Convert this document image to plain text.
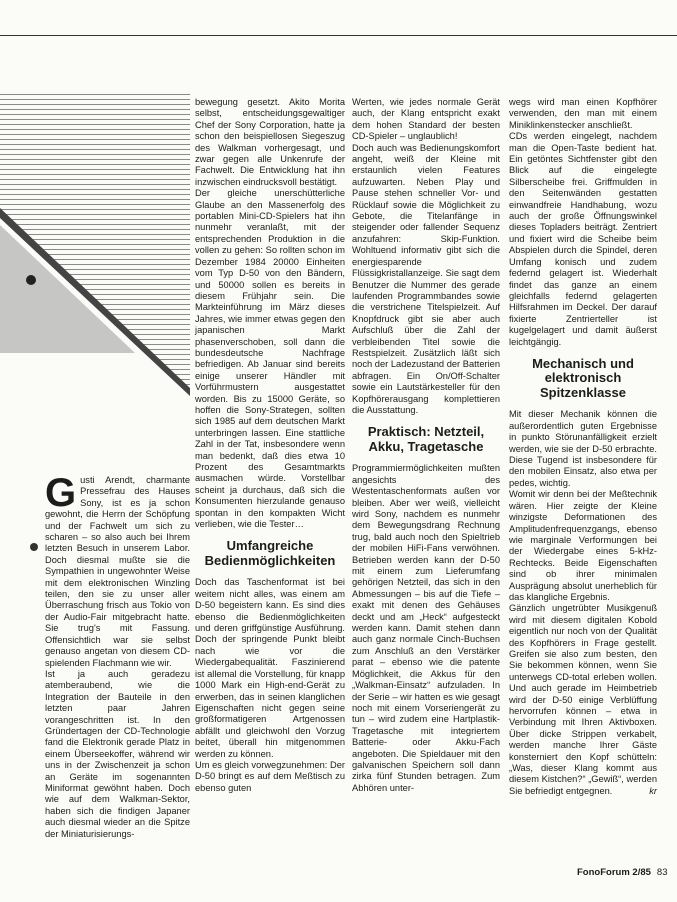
Gusti Arendt, charmante Pressefrau des Hauses Sony, ist es ja schon gewohnt, die Herrn der Schöpfung und der Fachwelt um sich zu scharen – so also auch bei Ihrem letzten Besuch in unserem Labor. Doch diesmal mußte sie die Sympathien in ungewohnter Weise mit dem elektronischen Winzling teilen, den sie zu unser aller Überraschung frisch aus Tokio von der Audio-Fair mitgebracht hatte. Sie trug's mit Fassung. Offensichtlich war sie selbst genauso angetan von diesem CD-spielenden Flachmann wie wir.

Ist ja auch geradezu atemberaubend, wie die Integration der Bauteile in den letzten paar Jahren vorangeschritten ist. In den Gründertagen der CD-Technologie fand die Elektronik gerade Platz in einem Überseekoffer, während wir uns in der Zwischenzeit ja schon an Geräte im sogenannten Miniformat gewöhnt haben. Doch wie auf dem Walkman-Sektor, haben sich die findigen Japaner auch diesmal wieder an die Spitze der Miniaturisierungs-

bewegung gesetzt. Akito Morita selbst, entscheidungsgewaltiger Chef der Sony Corporation, hatte ja schon den beispiellosen Siegeszug des Walkman vorhergesagt, und zwar gegen alle Unkenrufe der Fachwelt. Die Entwicklung hat ihn inzwischen eindrucksvoll bestätigt.

Der gleiche unerschütterliche Glaube an den Massenerfolg des portablen Mini-CD-Spielers hat ihn nunmehr veranlaßt, mit der entsprechenden Produktion in die vollen zu gehen: So rollten schon im Dezember 1984 20000 Einheiten vom Typ D-50 von den Bändern, und 50000 sollen es bereits in diesem Frühjahr sein. Die Markteinführung im März dieses Jahres, wie immer etwas gegen den japanischen Markt phasenverschoben, soll dann die bundesdeutsche Nachfrage befriedigen. Ab Januar sind bereits einige unserer Händler mit Vorführmustern ausgestattet worden. Bis zu 15000 Geräte, so hoffen die Sony-Strategen, sollten sich 1985 auf dem deutschen Markt unterbringen lassen. Eine stattliche Zahl in der Tat, insbesondere wenn man bedenkt, daß dies etwa 10 Prozent des Gesamtmarkts ausmachen würde. Vorstellbar scheint ja durchaus, daß sich die Konsumenten hierzulande genauso spontan in den kompakten Wicht verlieben, wie die Tester…

Umfangreiche Bedienmöglichkeiten

Doch das Taschenformat ist bei weitem nicht alles, was einem am D-50 begeistern kann. Es sind dies ebenso die Bedienmöglichkeiten und deren griffgünstige Ausführung. Doch der springende Punkt bleibt nach wie vor die Wiedergabequalität. Faszinierend ist allemal die Vorstellung, für knapp 1000 Mark ein High-end-Gerät zu erwerben, das in seinen klanglichen Eigenschaften nicht gegen seine großformatigeren Artgenossen abfällt und gleichwohl den Vorzug beitet, überall hin mitgenommen werden zu können.

Um es gleich vorwegzunehmen: Der D-50 bringt es auf dem Meßtisch zu ebenso guten

Werten, wie jedes normale Gerät auch, der Klang entspricht exakt dem hohen Standard der besten CD-Spieler – unglaublich!

Doch auch was Bedienungskomfort angeht, weiß der Kleine mit erstaunlich vielen Features aufzuwarten. Neben Play und Pause stehen schneller Vor- und Rücklauf sowie die Möglichkeit zu Gebote, die Titelanfänge in steigender oder fallender Sequenz anzufahren: Skip-Funktion. Wohltuend informativ gibt sich die energiesparende Flüssigkristallanzeige. Sie sagt dem Benutzer die Nummer des gerade laufenden Programmbandes sowie die verstrichene Titelspielzeit. Auf Knopfdruck gibt sie aber auch Aufschluß über die Zahl der verbleibenden Titel sowie die Restspielzeit. Zusätzlich läßt sich noch der Ladezustand der Batterien abfragen. Ein On/Off-Schalter sowie ein Lautstärkesteller für den Kopfhörerausgang komplettieren die Ausstattung.

Praktisch: Netzteil, Akku, Tragetasche

Programmiermöglichkeiten mußten angesichts des Westentaschenformats außen vor bleiben. Aber wer weiß, vielleicht wird Sony, nachdem es nunmehr dem Bewegungsdrang Rechnung trug, bald auch noch den Spieltrieb der mobilen HiFi-Fans verwöhnen. Betrieben werden kann der D-50 mit einem zum Lieferumfang gehörigen Netzteil, das sich in den Abmessungen – bis auf die Tiefe – exakt mit denen des Gehäuses deckt und am „Heck“ aufgesteckt werden kann. Damit stehen dann auch ganz normale Cinch-Buchsen zum Anschluß an den Verstärker parat – ebenso wie die patente Möglichkeit, die Akkus für den „Walkman-Einsatz“ aufzuladen. In der Serie – wir hatten es wie gesagt noch mit einem Vorseriengerät zu tun – wird zudem eine Hartplastik-Tragetasche mit integriertem Batterie- oder Akku-Fach angeboten. Die Spieldauer mit den galvanischen Speichern soll dann zirka fünf Stunden betragen. Zum Abhören unter-

wegs wird man einen Kopfhörer verwenden, den man mit einem Miniklinkenstecker anschließt.

CDs werden eingelegt, nachdem man die Open-Taste bedient hat. Ein getöntes Sichtfenster gibt den Blick auf die eingelegte Silberscheibe frei. Griffmulden in den Seitenwänden gestatten einwandfreie Handhabung, wozu auch der große Öffnungswinkel dieses Topladers beiträgt. Zentriert und fixiert wird die Scheibe beim Abspielen durch die Spindel, deren Umfang konisch und zudem federnd gelagert ist. Wiederhalt findet das ganze an einem gleichfalls federnd gelagerten Hilfsrahmen im Deckel. Der darauf fixierte Zentrierteller ist kugelgelagert und damit äußerst leichtgängig.

Mechanisch und elektronisch Spitzenklasse

Mit dieser Mechanik können die außerordentlich guten Ergebnisse in punkto Störunanfälligkeit erzielt werden, wie sie der D-50 erbrachte. Diese Tugend ist insbesondere für den mobilen Einsatz, also etwa per pedes, wichtig.

Womit wir denn bei der Meßtechnik wären. Hier zeigte der Kleine winzigste Deformationen des Amplitudenfrequenzgangs, ebenso wie marginale Verformungen bei der Wiedergabe eines 5-kHz-Rechtecks. Beide Eigenschaften sind ob ihrer minimalen Ausprägung absolut unerheblich für das klangliche Ergebnis.

Gänzlich ungetrübter Musikgenuß wird mit diesem digitalen Kobold eigentlich nur noch von der Qualität des Kopfhörers in Frage gestellt. Greifen sie also zum besten, den Sie bekommen können, wenn Sie unterwegs CD-total erleben wollen. Und auch gerade im Heimbetrieb wird der D-50 einige Verblüffung hervorrufen können – etwa in Verbindung mit Ihren Aktivboxen. Über dicke Strippen verkabelt, werden manche Ihrer Gäste konsterniert den Kopf schütteln: „Was, dieser Klang kommt aus diesem Kistchen?“ „Gewiß“, werden Sie befriedigt entgegnen.	kr

FonoForum 2/85 83
